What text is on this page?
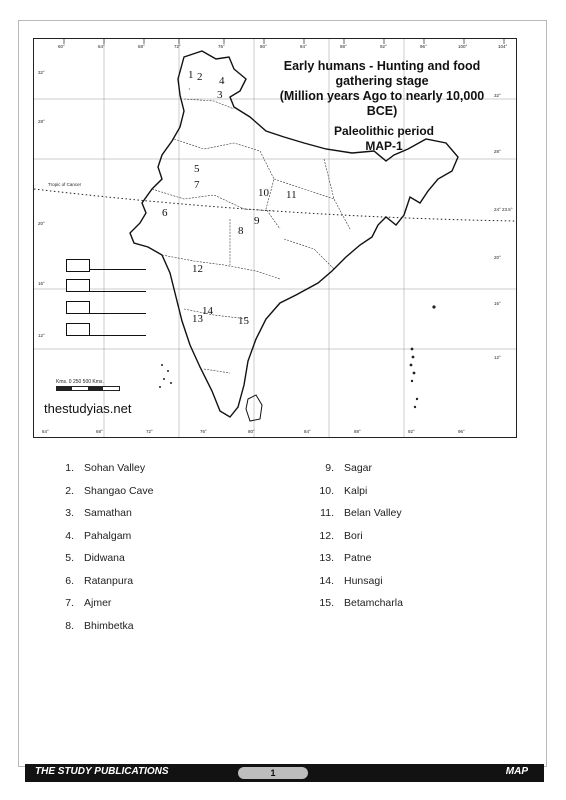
Tropic of Cancer
32°
28°
20°
16°
12°
32°
28°
24° 23.5°
20°
16°
12°
60°	64°	68°	72°	76°	80°	84°	88°	92°	96°	100°	104°
64°	68°	72°	76°	80°	84°	88°	92°	96°
Early humans - Hunting and food
gathering stage
(Million years Ago to nearly 10,000 BCE)
Paleolithic period
MAP-1
1
·
2
3
4
5
6
7
8
9
10 11
12
13
14
15
Kms. 0 250 500 Kms.
thestudyias.net
1. Sohan Valley
2. Shangao Cave
3. Samathan
4. Pahalgam
5. Didwana
6. Ratanpura
7. Ajmer
8. Bhimbetka
9. Sagar
10. Kalpi
11. Belan Valley
12. Bori
13. Patne
14. Hunsagi
15. Betamcharla
THE STUDY PUBLICATIONS	1	MAP
